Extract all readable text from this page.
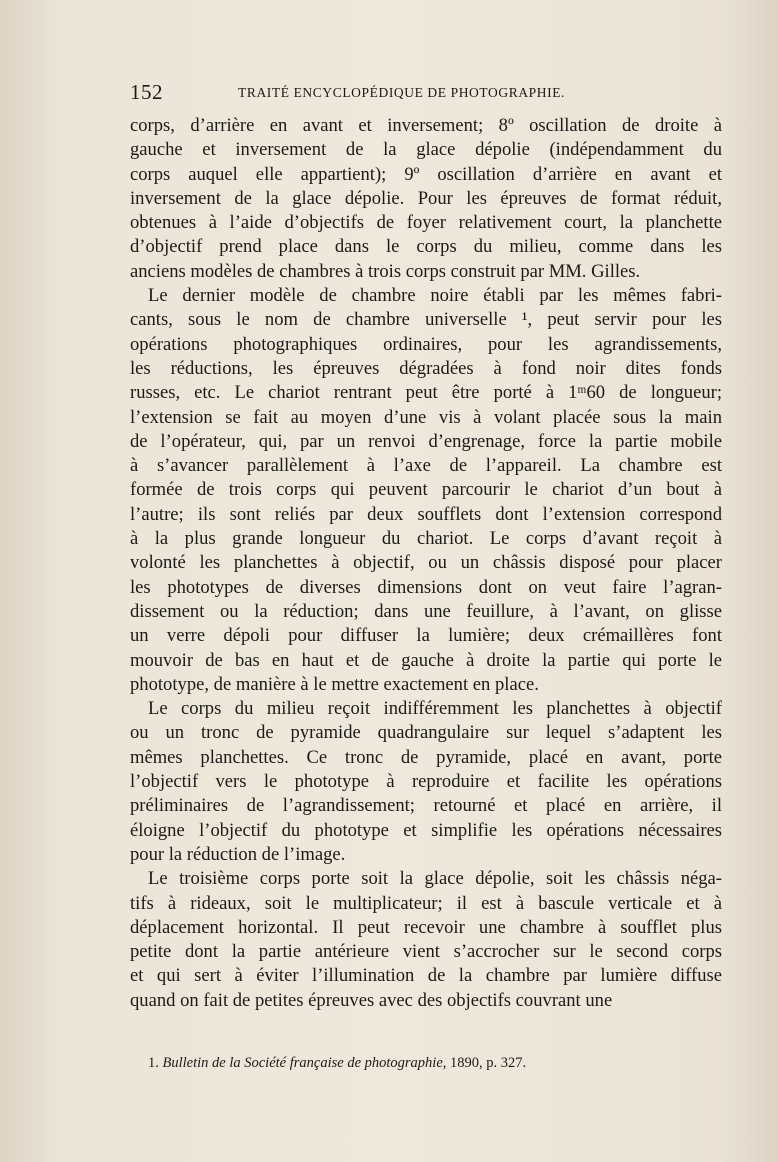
152	TRAITÉ ENCYCLOPÉDIQUE DE PHOTOGRAPHIE.
corps, d’arrière en avant et inversement; 8º oscillation de droite à
gauche et inversement de la glace dépolie (indépendamment du
corps auquel elle appartient); 9º oscillation d’arrière en avant et
inversement de la glace dépolie. Pour les épreuves de format réduit,
obtenues à l’aide d’objectifs de foyer relativement court, la planchette
d’objectif prend place dans le corps du milieu, comme dans les
anciens modèles de chambres à trois corps construit par MM. Gilles.
Le dernier modèle de chambre noire établi par les mêmes fabri-
cants, sous le nom de chambre universelle ¹, peut servir pour les
opérations photographiques ordinaires, pour les agrandissements,
les réductions, les épreuves dégradées à fond noir dites fonds
russes, etc. Le chariot rentrant peut être porté à 1ᵐ60 de longueur;
l’extension se fait au moyen d’une vis à volant placée sous la main
de l’opérateur, qui, par un renvoi d’engrenage, force la partie mobile
à s’avancer parallèlement à l’axe de l’appareil. La chambre est
formée de trois corps qui peuvent parcourir le chariot d’un bout à
l’autre; ils sont reliés par deux soufflets dont l’extension correspond
à la plus grande longueur du chariot. Le corps d’avant reçoit à
volonté les planchettes à objectif, ou un châssis disposé pour placer
les phototypes de diverses dimensions dont on veut faire l’agran-
dissement ou la réduction; dans une feuillure, à l’avant, on glisse
un verre dépoli pour diffuser la lumière; deux crémaillères font
mouvoir de bas en haut et de gauche à droite la partie qui porte le
phototype, de manière à le mettre exactement en place.
Le corps du milieu reçoit indifféremment les planchettes à objectif
ou un tronc de pyramide quadrangulaire sur lequel s’adaptent les
mêmes planchettes. Ce tronc de pyramide, placé en avant, porte
l’objectif vers le phototype à reproduire et facilite les opérations
préliminaires de l’agrandissement; retourné et placé en arrière, il
éloigne l’objectif du phototype et simplifie les opérations nécessaires
pour la réduction de l’image.
Le troisième corps porte soit la glace dépolie, soit les châssis néga-
tifs à rideaux, soit le multiplicateur; il est à bascule verticale et à
déplacement horizontal. Il peut recevoir une chambre à soufflet plus
petite dont la partie antérieure vient s’accrocher sur le second corps
et qui sert à éviter l’illumination de la chambre par lumière diffuse
quand on fait de petites épreuves avec des objectifs couvrant une
1. Bulletin de la Société française de photographie, 1890, p. 327.
